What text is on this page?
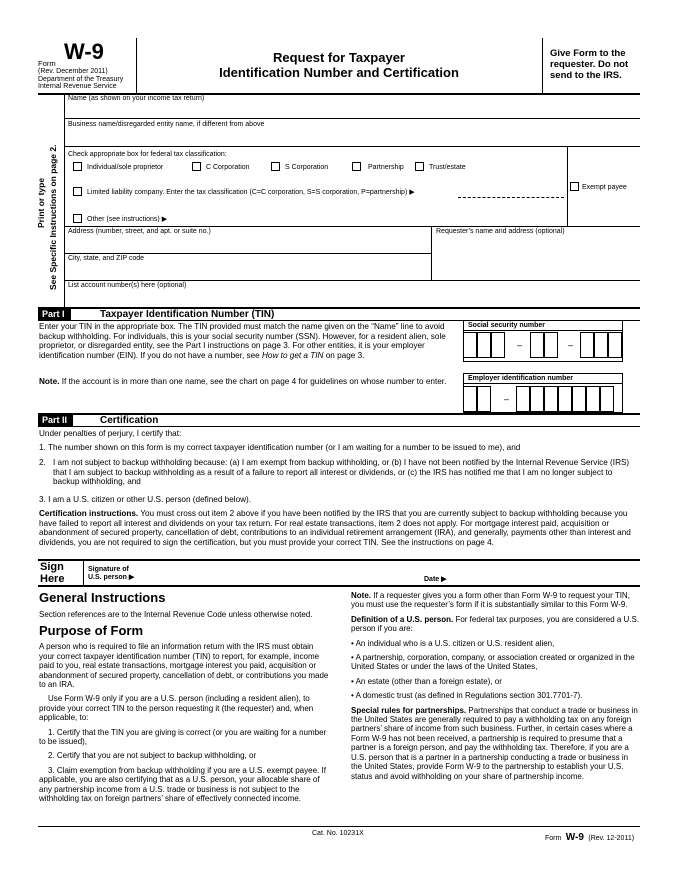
Form W-9
(Rev. December 2011)
Department of the Treasury
Internal Revenue Service
Request for Taxpayer
Identification Number and Certification
Give Form to the
requester. Do not
send to the IRS.
Print or type See Specific Instructions on page 2.
Name (as shown on your income tax return)
Business name/disregarded entity name, if different from above
Check appropriate box for federal tax classification:
Individual/sole proprietor	C Corporation	S Corporation	Partnership	Trust/estate
Limited liability company. Enter the tax classification (C=C corporation, S=S corporation, P=partnership) ▶
Other (see instructions) ▶
Exempt payee
Address (number, street, and apt. or suite no.)
City, state, and ZIP code
Requester’s name and address (optional)
List account number(s) here (optional)
Part I	Taxpayer Identification Number (TIN)
Enter your TIN in the appropriate box. The TIN provided must match the name given on the “Name” line to avoid backup withholding. For individuals, this is your social security number (SSN). However, for a resident alien, sole proprietor, or disregarded entity, see the Part I instructions on page 3. For other entities, it is your employer identification number (EIN). If you do not have a number, see How to get a TIN on page 3.
Note. If the account is in more than one name, see the chart on page 4 for guidelines on whose number to enter.
Social security number
–	–
Employer identification number
–
Part II	Certification
Under penalties of perjury, I certify that:
1. The number shown on this form is my correct taxpayer identification number (or I am waiting for a number to be issued to me), and
2. I am not subject to backup withholding because: (a) I am exempt from backup withholding, or (b) I have not been notified by the Internal Revenue Service (IRS) that I am subject to backup withholding as a result of a failure to report all interest or dividends, or (c) the IRS has notified me that I am no longer subject to backup withholding, and
3. I am a U.S. citizen or other U.S. person (defined below).
Certification instructions. You must cross out item 2 above if you have been notified by the IRS that you are currently subject to backup withholding because you have failed to report all interest and dividends on your tax return. For real estate transactions, item 2 does not apply. For mortgage interest paid, acquisition or abandonment of secured property, cancellation of debt, contributions to an individual retirement arrangement (IRA), and generally, payments other than interest and dividends, you are not required to sign the certification, but you must provide your correct TIN. See the instructions on page 4.
Sign
Here
Signature of
U.S. person ▶	Date ▶
General Instructions

Section references are to the Internal Revenue Code unless otherwise noted.

Purpose of Form

A person who is required to file an information return with the IRS must obtain your correct taxpayer identification number (TIN) to report, for example, income paid to you, real estate transactions, mortgage interest you paid, acquisition or abandonment of secured property, cancellation of debt, or contributions you made to an IRA.

Use Form W-9 only if you are a U.S. person (including a resident alien), to provide your correct TIN to the person requesting it (the requester) and, when applicable, to:

1. Certify that the TIN you are giving is correct (or you are waiting for a number to be issued),

2. Certify that you are not subject to backup withholding, or

3. Claim exemption from backup withholding if you are a U.S. exempt payee. If applicable, you are also certifying that as a U.S. person, your allocable share of any partnership income from a U.S. trade or business is not subject to the withholding tax on foreign partners’ share of effectively connected income.

Note. If a requester gives you a form other than Form W-9 to request your TIN, you must use the requester’s form if it is substantially similar to this Form W-9.

Definition of a U.S. person. For federal tax purposes, you are considered a U.S. person if you are:

• An individual who is a U.S. citizen or U.S. resident alien,

• A partnership, corporation, company, or association created or organized in the United States or under the laws of the United States,

• An estate (other than a foreign estate), or

• A domestic trust (as defined in Regulations section 301.7701-7).

Special rules for partnerships. Partnerships that conduct a trade or business in the United States are generally required to pay a withholding tax on any foreign partners’ share of income from such business. Further, in certain cases where a Form W-9 has not been received, a partnership is required to presume that a partner is a foreign person, and pay the withholding tax. Therefore, if you are a U.S. person that is a partner in a partnership conducting a trade or business in the United States, provide Form W-9 to the partnership to establish your U.S. status and avoid withholding on your share of partnership income.

Cat. No. 10231X
Form W-9 (Rev. 12-2011)
